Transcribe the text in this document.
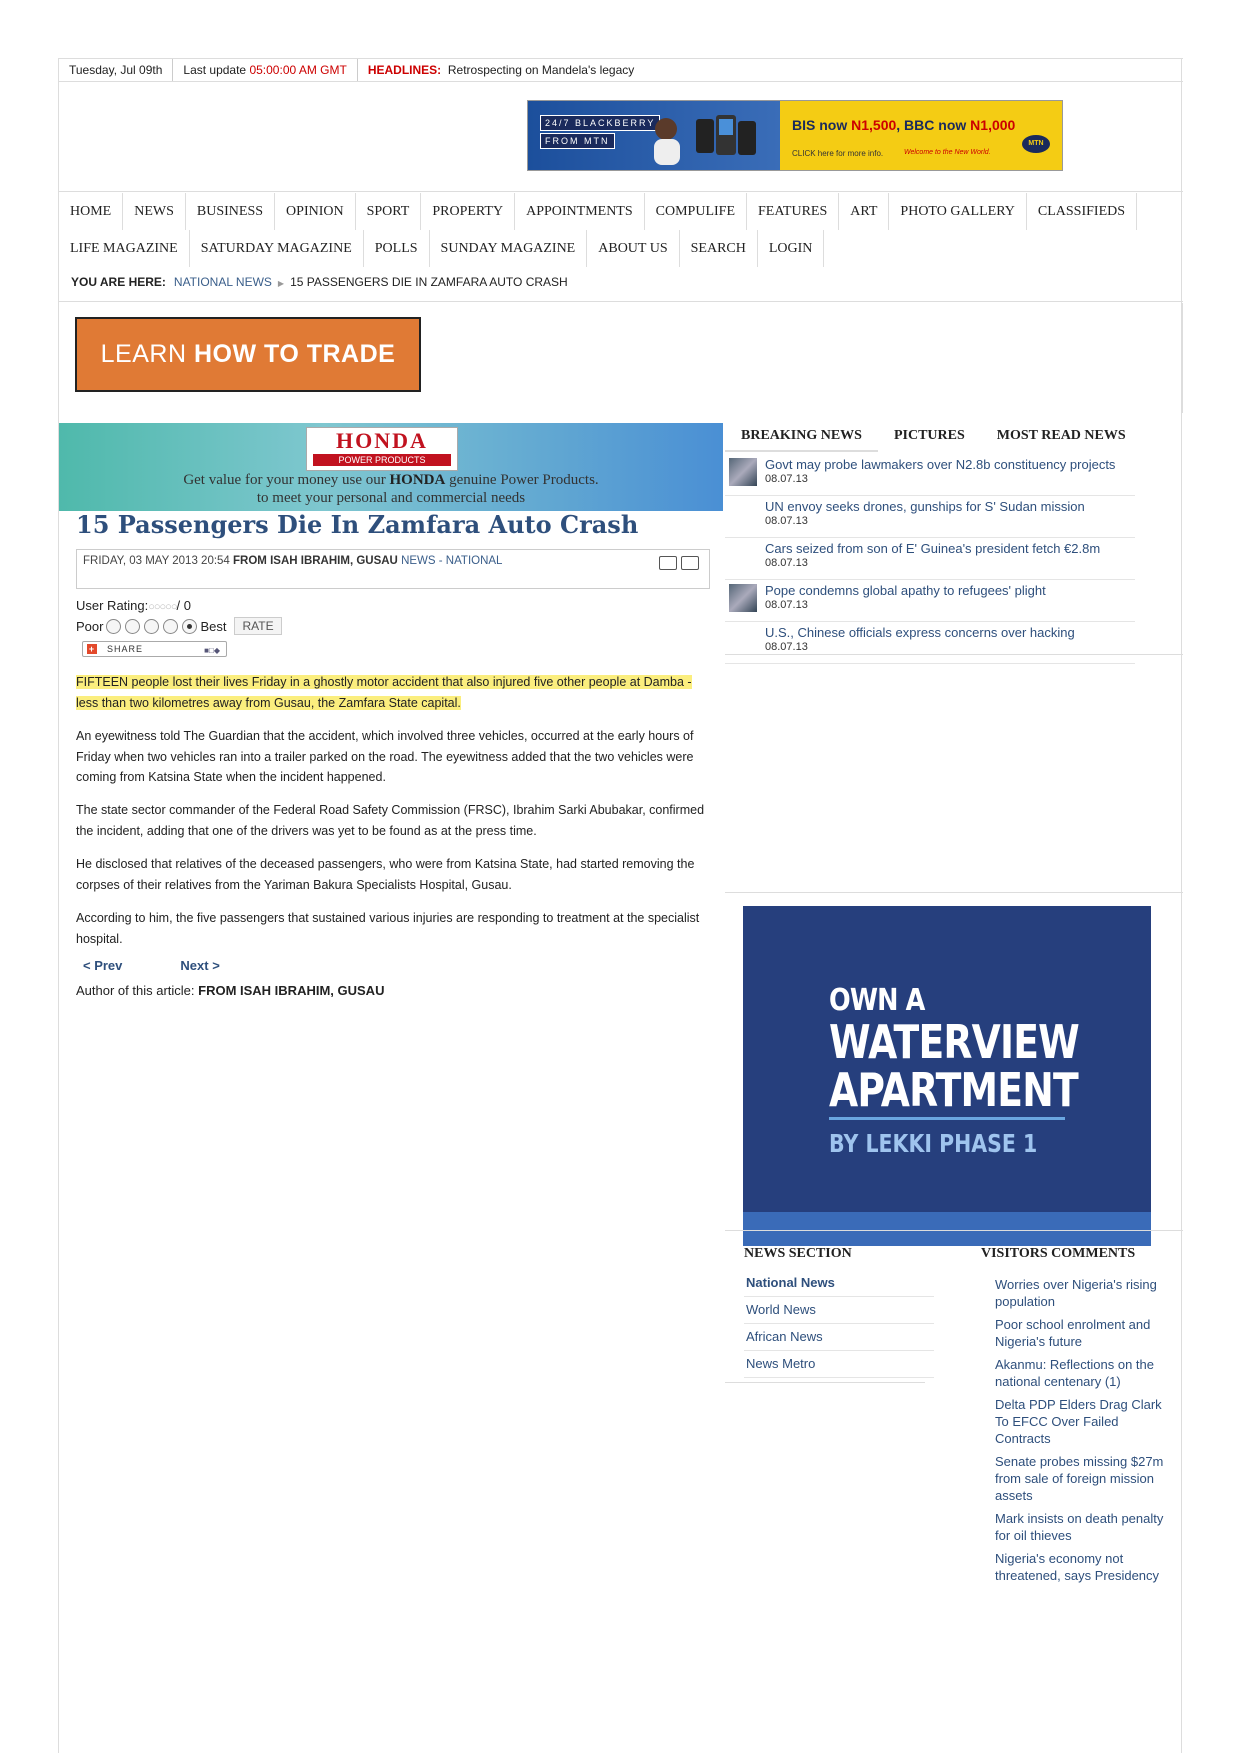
Tuesday, Jul 09th Last update 05:00:00 AM GMT HEADLINES: Retrospecting on Mandela's legacy
24/7 BLACKBERRY
FROM MTN
BIS now N1,500, BBC now N1,000
CLICK here for more info.	Welcome to the New World.
MTN
HOME	NEWS	BUSINESS	OPINION	SPORT	PROPERTY	APPOINTMENTS	COMPULIFE	FEATURES	ART	PHOTO GALLERY	CLASSIFIEDS
LIFE MAGAZINE	SATURDAY MAGAZINE	POLLS	SUNDAY MAGAZINE	ABOUT US	SEARCH	LOGIN
YOU ARE HERE: NATIONAL NEWS ▶ 15 PASSENGERS DIE IN ZAMFARA AUTO CRASH
LEARN HOW TO TRADE
HONDA
POWER PRODUCTS
Get value for your money use our HONDA genuine Power Products.
to meet your personal and commercial needs
15 Passengers Die In Zamfara Auto Crash
FRIDAY, 03 MAY 2013 20:54 FROM ISAH IBRAHIM, GUSAU NEWS - NATIONAL
User Rating:○○○○○/ 0
Poor	Best	RATE
+ SHARE	■□◆
FIFTEEN people lost their lives Friday in a ghostly motor accident that also injured five other people at Damba -less than two kilometres away from Gusau, the Zamfara State capital.
An eyewitness told The Guardian that the accident, which involved three vehicles, occurred at the early hours of Friday when two vehicles ran into a trailer parked on the road. The eyewitness added that the two vehicles were coming from Katsina State when the incident happened.
The state sector commander of the Federal Road Safety Commission (FRSC), Ibrahim Sarki Abubakar, confirmed the incident, adding that one of the drivers was yet to be found as at the press time.
He disclosed that relatives of the deceased passengers, who were from Katsina State, had started removing the corpses of their relatives from the Yariman Bakura Specialists Hospital, Gusau.
According to him, the five passengers that sustained various injuries are responding to treatment at the specialist hospital.
< Prev	Next >
Author of this article: FROM ISAH IBRAHIM, GUSAU
BREAKING NEWS	PICTURES	MOST READ NEWS
Govt may probe lawmakers over N2.8b constituency projects
08.07.13
UN envoy seeks drones, gunships for S' Sudan mission
08.07.13
Cars seized from son of E' Guinea's president fetch €2.8m
08.07.13
Pope condemns global apathy to refugees' plight
08.07.13
U.S., Chinese officials express concerns over hacking
08.07.13
OWN A
WATERVIEW
APARTMENT
BY LEKKI PHASE 1
NEWS SECTION	VISITORS COMMENTS
National News
World News
African News
News Metro
Worries over Nigeria's rising population
Poor school enrolment and Nigeria's future
Akanmu: Reflections on the national centenary (1)
Delta PDP Elders Drag Clark To EFCC Over Failed Contracts
Senate probes missing $27m from sale of foreign mission assets
Mark insists on death penalty for oil thieves
Nigeria's economy not threatened, says Presidency
